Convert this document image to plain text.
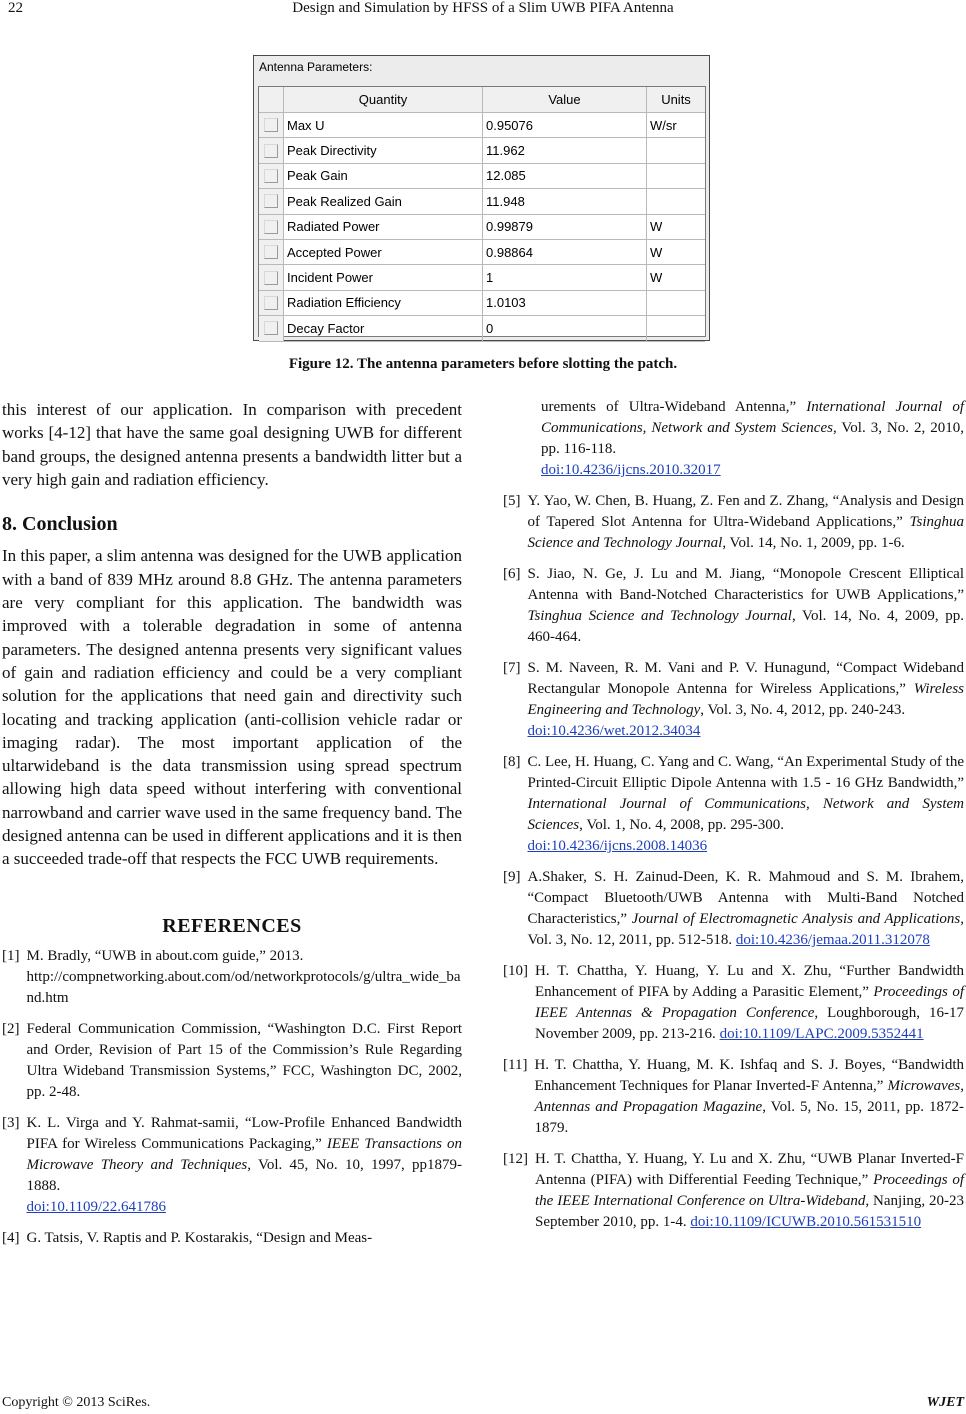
22	Design and Simulation by HFSS of a Slim UWB PIFA Antenna
Antenna Parameters:
Quantity	Value	Units
Max U	0.95076	W/sr
Peak Directivity	11.962
Peak Gain	12.085
Peak Realized Gain	11.948
Radiated Power	0.99879	W
Accepted Power	0.98864	W
Incident Power	1	W
Radiation Efficiency	1.0103
Decay Factor	0
Figure 12. The antenna parameters before slotting the patch.

this interest of our application. In comparison with precedent works [4-12] that have the same goal designing UWB for different band groups, the designed antenna presents a bandwidth litter but a very high gain and radiation efficiency.

8. Conclusion

In this paper, a slim antenna was designed for the UWB application with a band of 839 MHz around 8.8 GHz. The antenna parameters are very compliant for this application. The bandwidth was improved with a tolerable degradation in some of antenna parameters. The designed antenna presents very significant values of gain and radiation efficiency and could be a very compliant solution for the applications that need gain and directivity such locating and tracking application (anti-collision vehicle radar or imaging radar). The most important application of the ultarwideband is the data transmission using spread spectrum allowing high data speed without interfering with conventional narrowband and carrier wave used in the same frequency band. The designed antenna can be used in different applications and it is then a succeeded trade-off that respects the FCC UWB requirements.

REFERENCES
[1] M. Bradly, “UWB in about.com guide,” 2013.
http://compnetworking.about.com/od/networkprotocols/g/ultra_wide_band.htm
[2] Federal Communication Commission, “Washington D.C. First Report and Order, Revision of Part 15 of the Commission’s Rule Regarding Ultra Wideband Transmission Systems,” FCC, Washington DC, 2002, pp. 2-48.
[3] K. L. Virga and Y. Rahmat-samii, “Low-Profile Enhanced Bandwidth PIFA for Wireless Communications Packaging,” IEEE Transactions on Microwave Theory and Techniques, Vol. 45, No. 10, 1997, pp1879-1888.
doi:10.1109/22.641786
[4] G. Tatsis, V. Raptis and P. Kostarakis, “Design and Meas-
urements of Ultra-Wideband Antenna,” International Journal of Communications, Network and System Sciences, Vol. 3, No. 2, 2010, pp. 116-118.
doi:10.4236/ijcns.2010.32017
[5] Y. Yao, W. Chen, B. Huang, Z. Fen and Z. Zhang, “Analysis and Design of Tapered Slot Antenna for Ultra-Wideband Applications,” Tsinghua Science and Technology Journal, Vol. 14, No. 1, 2009, pp. 1-6.
[6] S. Jiao, N. Ge, J. Lu and M. Jiang, “Monopole Crescent Elliptical Antenna with Band-Notched Characteristics for UWB Applications,” Tsinghua Science and Technology Journal, Vol. 14, No. 4, 2009, pp. 460-464.
[7] S. M. Naveen, R. M. Vani and P. V. Hunagund, “Compact Wideband Rectangular Monopole Antenna for Wireless Applications,” Wireless Engineering and Technology, Vol. 3, No. 4, 2012, pp. 240-243.
doi:10.4236/wet.2012.34034
[8] C. Lee, H. Huang, C. Yang and C. Wang, “An Experimental Study of the Printed-Circuit Elliptic Dipole Antenna with 1.5 - 16 GHz Bandwidth,” International Journal of Communications, Network and System Sciences, Vol. 1, No. 4, 2008, pp. 295-300.
doi:10.4236/ijcns.2008.14036
[9] A.Shaker, S. H. Zainud-Deen, K. R. Mahmoud and S. M. Ibrahem, “Compact Bluetooth/UWB Antenna with Multi-Band Notched Characteristics,” Journal of Electromagnetic Analysis and Applications, Vol. 3, No. 12, 2011, pp. 512-518. doi:10.4236/jemaa.2011.312078
[10] H. T. Chattha, Y. Huang, Y. Lu and X. Zhu, “Further Bandwidth Enhancement of PIFA by Adding a Parasitic Element,” Proceedings of IEEE Antennas & Propagation Conference, Loughborough, 16-17 November 2009, pp. 213-216. doi:10.1109/LAPC.2009.5352441
[11] H. T. Chattha, Y. Huang, M. K. Ishfaq and S. J. Boyes, “Bandwidth Enhancement Techniques for Planar Inverted-F Antenna,” Microwaves, Antennas and Propagation Magazine, Vol. 5, No. 15, 2011, pp. 1872-1879.
[12] H. T. Chattha, Y. Huang, Y. Lu and X. Zhu, “UWB Planar Inverted-F Antenna (PIFA) with Differential Feeding Technique,” Proceedings of the IEEE International Conference on Ultra-Wideband, Nanjing, 20-23 September 2010, pp. 1-4. doi:10.1109/ICUWB.2010.561531510
Copyright © 2013 SciRes.	WJET
